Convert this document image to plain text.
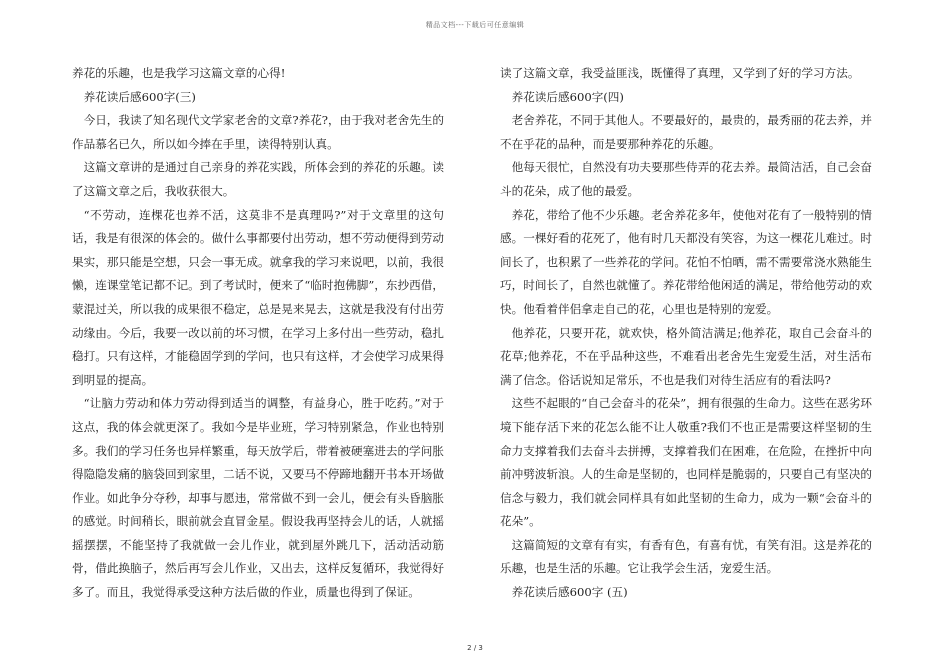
精品文档---下载后可任意编辑

养花的乐趣，也是我学习这篇文章的心得!

养花读后感600字(三)

今日，我读了知名现代文学家老舍的文章?养花?，由于我对老舍先生的作品慕名已久，所以如今捧在手里，读得特别认真。

这篇文章讲的是通过自己亲身的养花实践，所体会到的养花的乐趣。读了这篇文章之后，我收获很大。

“不劳动，连棵花也养不活，这莫非不是真理吗?”对于文章里的这句话，我是有很深的体会的。做什么事都要付出劳动，想不劳动便得到劳动果实，那只能是空想，只会一事无成。就拿我的学习来说吧，以前，我很懒，连课堂笔记都不记。到了考试时，便来了“临时抱佛脚”，东抄西借，蒙混过关，所以我的成果很不稳定，总是晃来晃去，这就是我没有付出劳动缘由。今后，我要一改以前的坏习惯，在学习上多付出一些劳动，稳扎稳打。只有这样，才能稳固学到的学问，也只有这样，才会使学习成果得到明显的提高。

“让脑力劳动和体力劳动得到适当的调整，有益身心，胜于吃药。”对于这点，我的体会就更深了。我如今是毕业班，学习特别紧急，作业也特别多。我们的学习任务也异样繁重，每天放学后，带着被硬塞进去的学问胀得隐隐发痛的脑袋回到家里，二话不说，又要马不停蹄地翻开书本开场做作业。如此争分夺秒，却事与愿违，常常做不到一会儿，便会有头昏脑胀的感觉。时间稍长，眼前就会直冒金星。假设我再坚持会儿的话，人就摇摇摆摆，不能坚持了我就做一会儿作业，就到屋外跳几下，活动活动筋骨，借此换脑子，然后再写会儿作业，又出去，这样反复循环，我觉得好多了。而且，我觉得承受这种方法后做的作业，质量也得到了保证。

读了这篇文章，我受益匪浅，既懂得了真理，又学到了好的学习方法。

养花读后感600字(四)

老舍养花，不同于其他人。不要最好的，最贵的，最秀丽的花去养，并不在乎花的品种，而是要那种养花的乐趣。

他每天很忙，自然没有功夫要那些侍弄的花去养。最简洁活，自己会奋斗的花朵，成了他的最爱。

养花，带给了他不少乐趣。老舍养花多年，使他对花有了一般特别的情感。一棵好看的花死了，他有时几天都没有笑容，为这一棵花儿难过。时间长了，也积累了一些养花的学问。花怕不怕晒，需不需要常浇水熟能生巧，时间长了，自然也就懂了。养花带给他闲适的满足，带给他劳动的欢快。他看着伴侣拿走自己的花，心里也是特别的宠爱。

他养花，只要开花，就欢快，格外简洁满足;他养花，取自己会奋斗的花草;他养花，不在乎品种这些，不难看出老舍先生宠爱生活，对生活布满了信念。俗话说知足常乐，不也是我们对待生活应有的看法吗?

这些不起眼的“自己会奋斗的花朵”，拥有很强的生命力。这些在恶劣环境下能存活下来的花怎么能不让人敬重?我们不也正是需要这样坚韧的生命力支撑着我们去奋斗去拼搏，支撑着我们在困难，在危险，在挫折中向前冲劈波斩浪。人的生命是坚韧的，也同样是脆弱的，只要自己有坚决的信念与毅力，我们就会同样具有如此坚韧的生命力，成为一颗“会奋斗的花朵”。

这篇简短的文章有有实，有香有色，有喜有忧，有笑有泪。这是养花的乐趣，也是生活的乐趣。它让我学会生活，宠爱生活。

养花读后感600字 (五)

2 / 3
